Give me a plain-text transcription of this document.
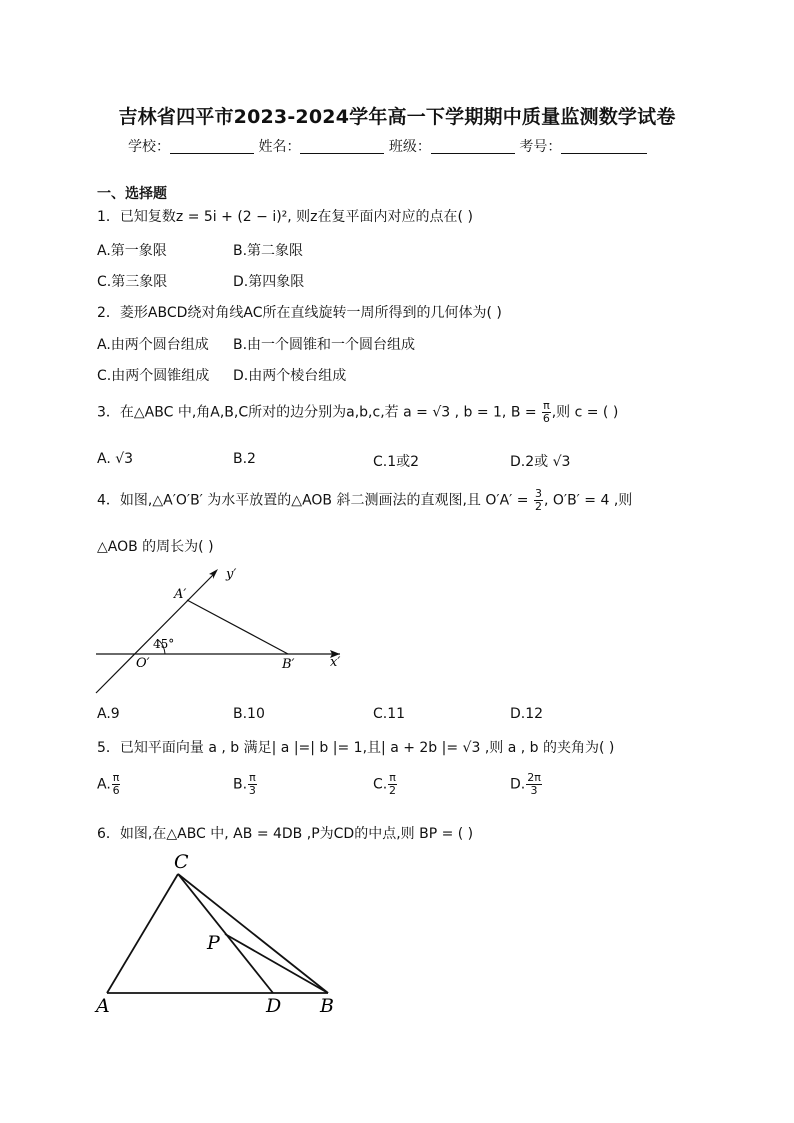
吉林省四平市2023-2024学年高一下学期期中质量监测数学试卷
学校：	姓名：	班级：	考号：
一、选择题
1．已知复数z = 5i + (2 − i)², 则z在复平面内对应的点在( )
A.第一象限	B.第二象限
C.第三象限	D.第四象限
2．菱形ABCD绕对角线AC所在直线旋转一周所得到的几何体为( )
A.由两个圆台组成 B.由一个圆锥和一个圆台组成
C.由两个圆锥组成 D.由两个棱台组成
3．在△ABC 中,角A,B,C所对的边分别为a,b,c,若 a = √3 , b = 1, $B = \frac{\pi}{6}$ ,则 c = ( )
A. √3	B.2	C.1或2	D.2或 √3
4．如图,△A′O′B′ 为水平放置的△AOB 斜二测画法的直观图,且 $O'A' = \frac{3}{2}$ , O′B′ = 4 ,则
△AOB 的周长为( )
y′
x′
A′
O′	B′
45°
A.9	B.10	C.11	D.12
5．已知平面向量 a , b 满足| a |=| b |= 1,且| a + 2b |= √3 ,则 a , b 的夹角为( )
A. $\frac{\pi}{6}$	B. $\frac{\pi}{3}$	C. $\frac{\pi}{2}$	D. $\frac{2\pi}{3}$
6．如图,在△ABC 中, AB = 4DB ,P为CD的中点,则 BP = ( )
C
P
A	D B
